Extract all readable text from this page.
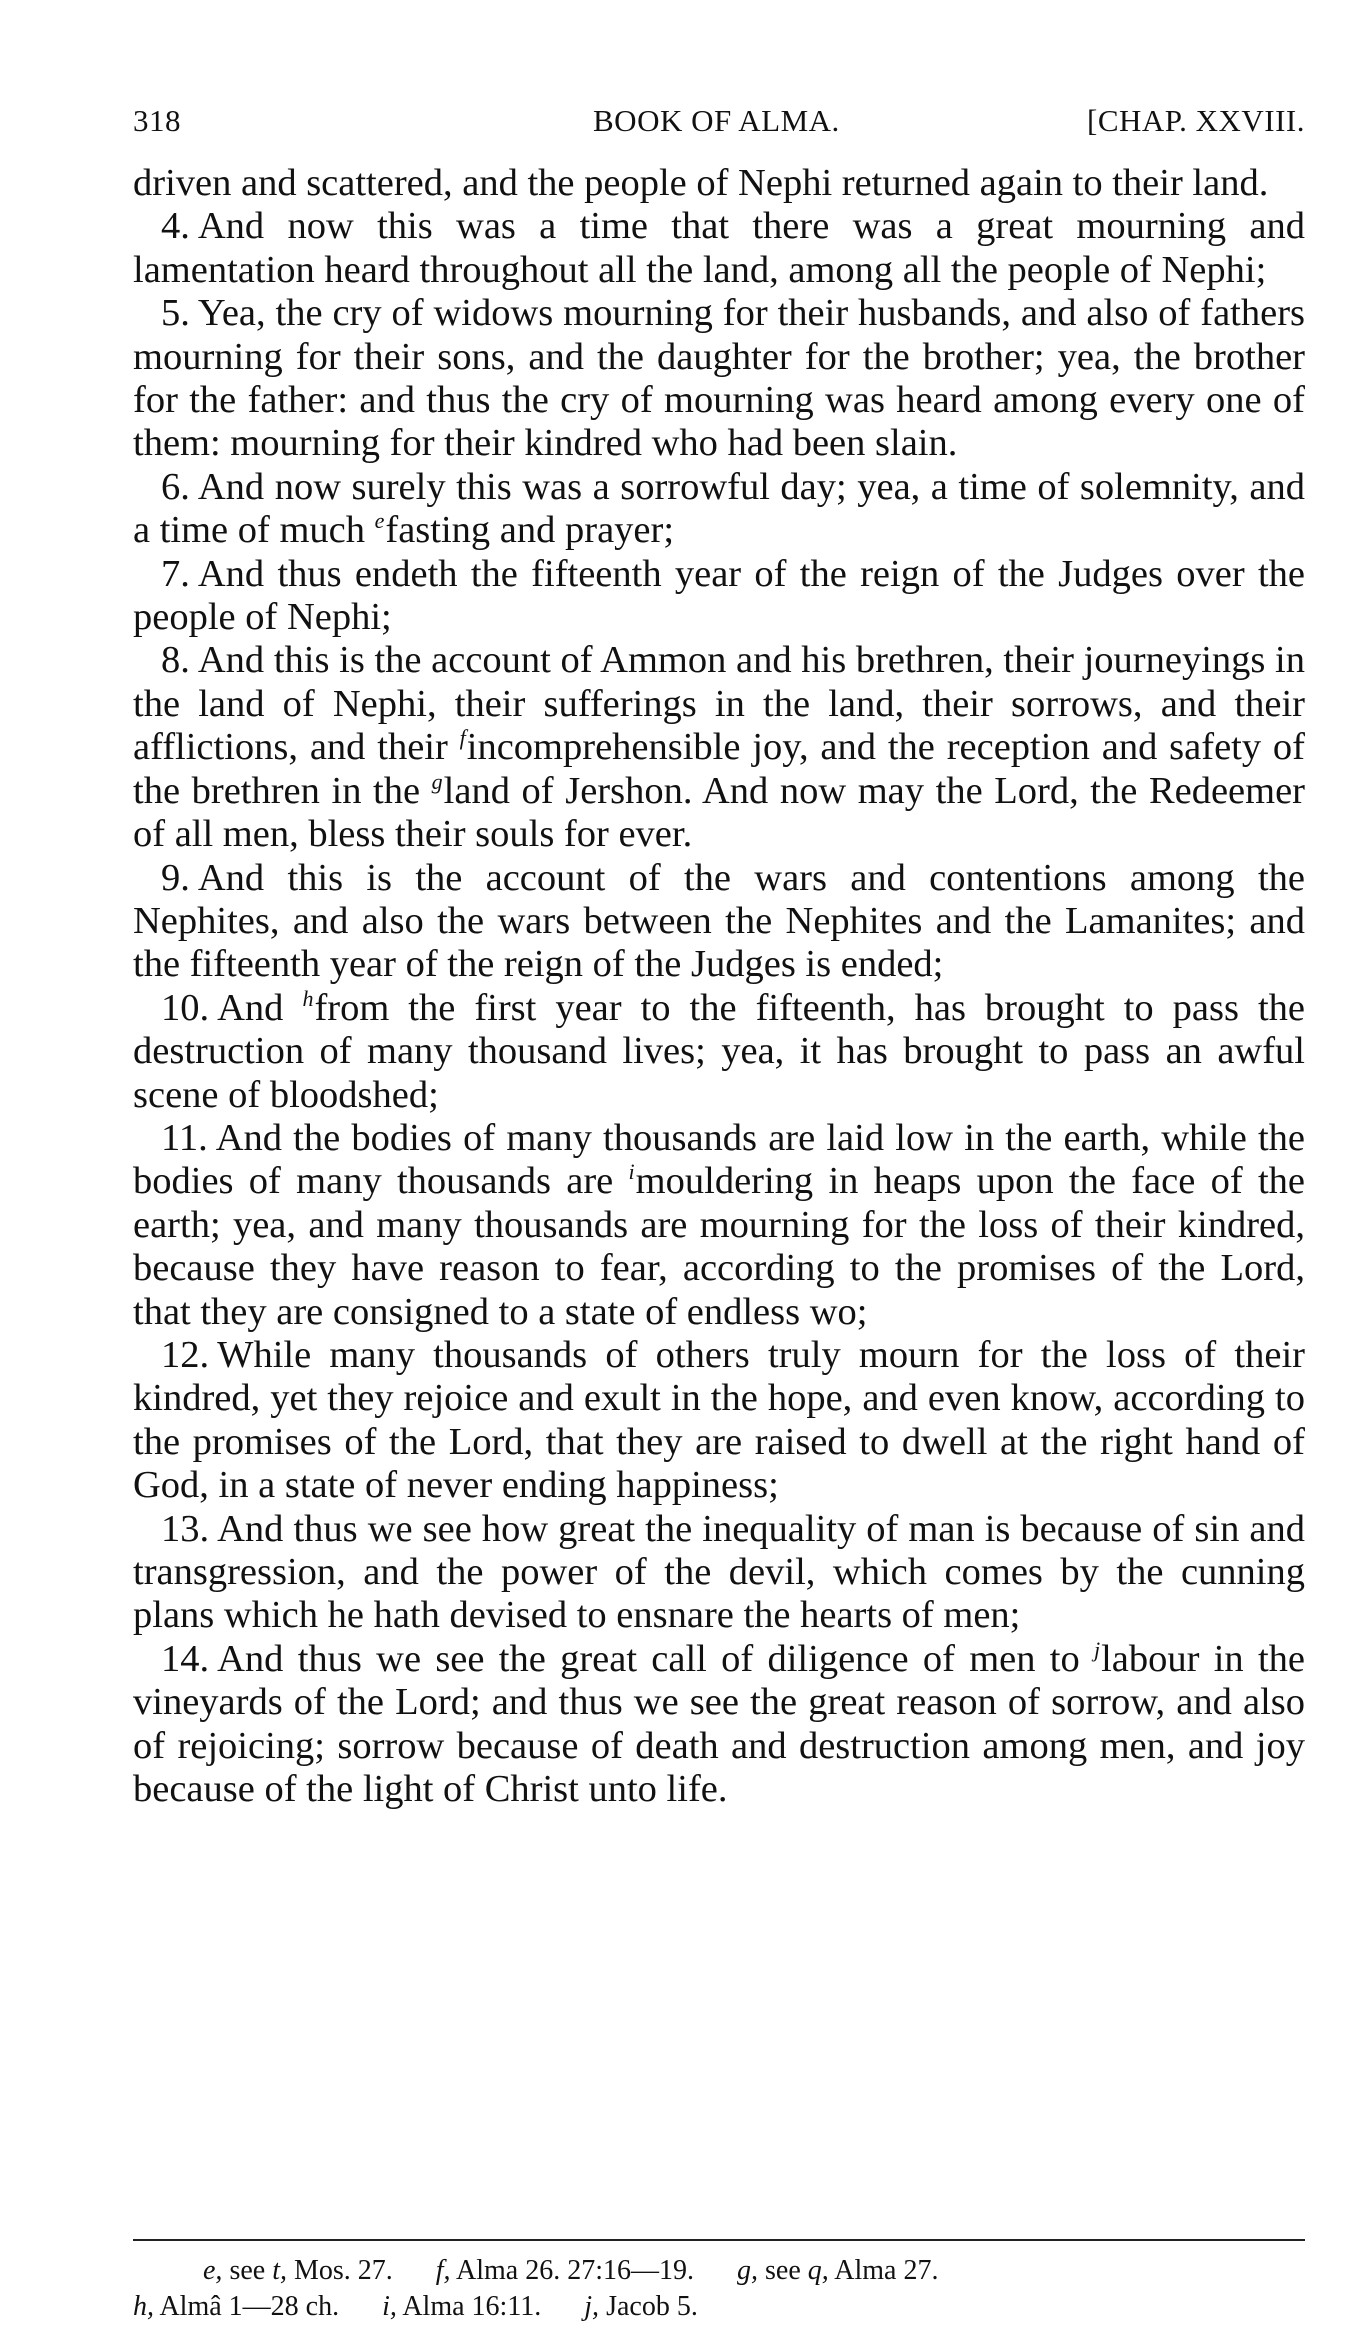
318	BOOK OF ALMA.	[CHAP. XXVIII.

driven and scattered, and the people of Nephi returned again to their land.

4. And now this was a time that there was a great mourning and lamentation heard throughout all the land, among all the people of Nephi;

5. Yea, the cry of widows mourning for their husbands, and also of fathers mourning for their sons, and the daughter for the brother; yea, the brother for the father: and thus the cry of mourning was heard among every one of them: mourning for their kindred who had been slain.

6. And now surely this was a sorrowful day; yea, a time of solemnity, and a time of much $^e$fasting and prayer;

7. And thus endeth the fifteenth year of the reign of the Judges over the people of Nephi;

8. And this is the account of Ammon and his brethren, their journeyings in the land of Nephi, their sufferings in the land, their sorrows, and their afflictions, and their $^f$incomprehensible joy, and the reception and safety of the brethren in the $^g$land of Jershon. And now may the Lord, the Redeemer of all men, bless their souls for ever.

9. And this is the account of the wars and contentions among the Nephites, and also the wars between the Nephites and the Lamanites; and the fifteenth year of the reign of the Judges is ended;

10. And $^h$from the first year to the fifteenth, has brought to pass the destruction of many thousand lives; yea, it has brought to pass an awful scene of bloodshed;

11. And the bodies of many thousands are laid low in the earth, while the bodies of many thousands are $^i$mouldering in heaps upon the face of the earth; yea, and many thousands are mourning for the loss of their kindred, because they have reason to fear, according to the promises of the Lord, that they are consigned to a state of endless wo;

12. While many thousands of others truly mourn for the loss of their kindred, yet they rejoice and exult in the hope, and even know, according to the promises of the Lord, that they are raised to dwell at the right hand of God, in a state of never ending happiness;

13. And thus we see how great the inequality of man is because of sin and transgression, and the power of the devil, which comes by the cunning plans which he hath devised to ensnare the hearts of men;

14. And thus we see the great call of diligence of men to $^j$labour in the vineyards of the Lord; and thus we see the great reason of sorrow, and also of rejoicing; sorrow because of death and destruction among men, and joy because of the light of Christ unto life.

e, see t, Mos. 27. f, Alma 26. 27:16—19. g, see q, Alma 27.
h, Almâ 1—28 ch. i, Alma 16:11. j, Jacob 5.
